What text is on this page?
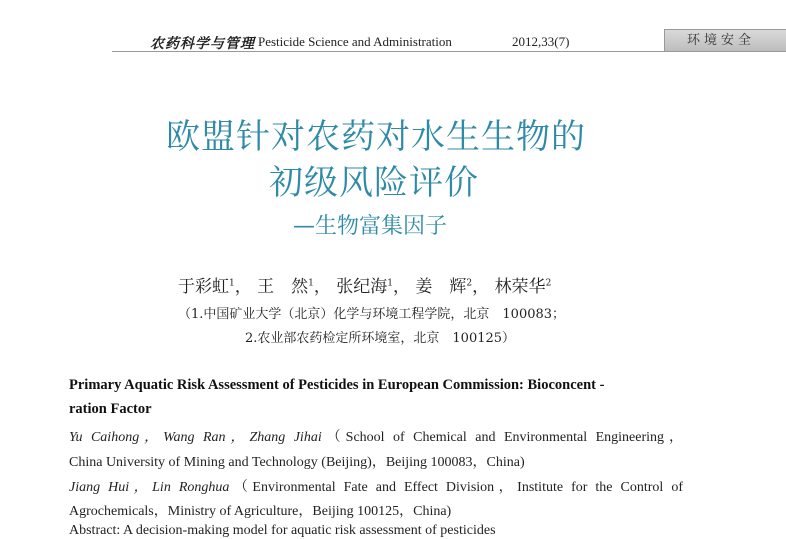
农药科学与管理 Pesticide Science and Administration	2012,33(7)	环境安全
欧盟针对农药对水生生物的
初级风险评价
—生物富集因子
于彩虹$^1$， 王　然$^1$， 张纪海$^1$， 姜　辉$^2$， 林荣华$^2$
（1.中国矿业大学（北京）化学与环境工程学院，北京　100083；
2.农业部农药检定所环境室，北京　100125）
Primary Aquatic Risk Assessment of Pesticides in European Commission: Bioconcent -
ration Factor
Yu Caihong，Wang Ran，Zhang Jihai（School of Chemical and Environmental Engineering，
China University of Mining and Technology (Beijing)，Beijing 100083，China)
Jiang Hui，Lin Ronghua（Environmental Fate and Effect Division，Institute for the Control of
Agrochemicals，Ministry of Agriculture，Beijing 100125，China)
Abstract: A decision-making model for aquatic risk assessment of pesticides
